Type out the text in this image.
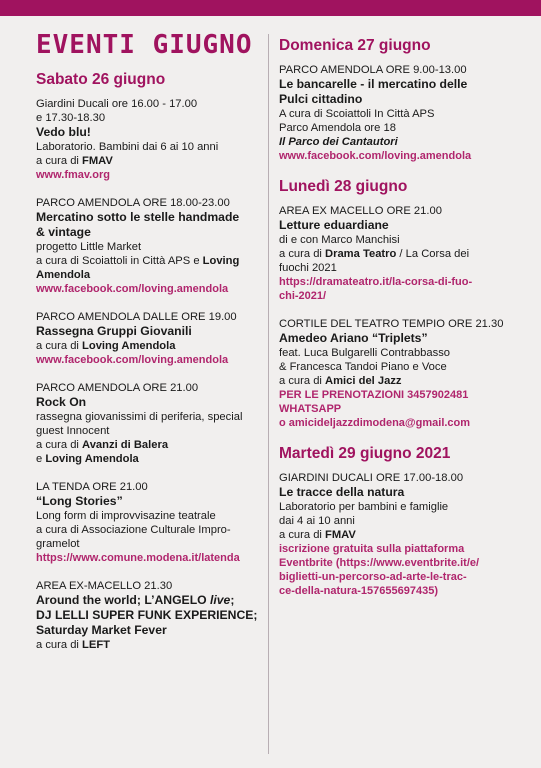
EVENTI GIUGNO
Sabato 26 giugno
Giardini Ducali ore 16.00 - 17.00
e 17.30-18.30
Vedo blu!
Laboratorio. Bambini dai 6 ai 10 anni
a cura di FMAV
www.fmav.org
PARCO AMENDOLA ORE 18.00-23.00
Mercatino sotto le stelle handmade
& vintage
progetto Little Market
a cura di Scoiattoli in Città APS e Loving
Amendola
www.facebook.com/loving.amendola
PARCO AMENDOLA DALLE ORE 19.00
Rassegna Gruppi Giovanili
a cura di Loving Amendola
www.facebook.com/loving.amendola
PARCO AMENDOLA ORE 21.00
Rock On
rassegna giovanissimi di periferia, special
guest Innocent
a cura di Avanzi di Balera
e Loving Amendola
LA TENDA ORE 21.00
“Long Stories”
Long form di improvvisazine teatrale
a cura di Associazione Culturale Impro-
gramelot
https://www.comune.modena.it/latenda
AREA EX-MACELLO 21.30
Around the world; L’ANGELO live;
DJ LELLI SUPER FUNK EXPERIENCE;
Saturday Market Fever
a cura di LEFT
Domenica 27 giugno
PARCO AMENDOLA ORE 9.00-13.00
Le bancarelle - il mercatino delle
Pulci cittadino
A cura di Scoiattoli In Città APS
Parco Amendola ore 18
Il Parco dei Cantautori
www.facebook.com/loving.amendola
Lunedì 28 giugno
AREA EX MACELLO ORE 21.00
Letture eduardiane
di e con Marco Manchisi
a cura di Drama Teatro / La Corsa dei
fuochi 2021
https://dramateatro.it/la-corsa-di-fuo-
chi-2021/
CORTILE DEL TEATRO TEMPIO ORE 21.30
Amedeo Ariano “Triplets”
feat. Luca Bulgarelli Contrabbasso
& Francesca Tandoi Piano e Voce
a cura di Amici del Jazz
PER LE PRENOTAZIONI 3457902481
WHATSAPP
o amicideljazzdimodena@gmail.com
Martedì 29 giugno 2021
GIARDINI DUCALI ORE 17.00-18.00
Le tracce della natura
Laboratorio per bambini e famiglie
dai 4 ai 10 anni
a cura di FMAV
iscrizione gratuita sulla piattaforma
Eventbrite (https://www.eventbrite.it/e/
biglietti-un-percorso-ad-arte-le-trac-
ce-della-natura-157655697435)
